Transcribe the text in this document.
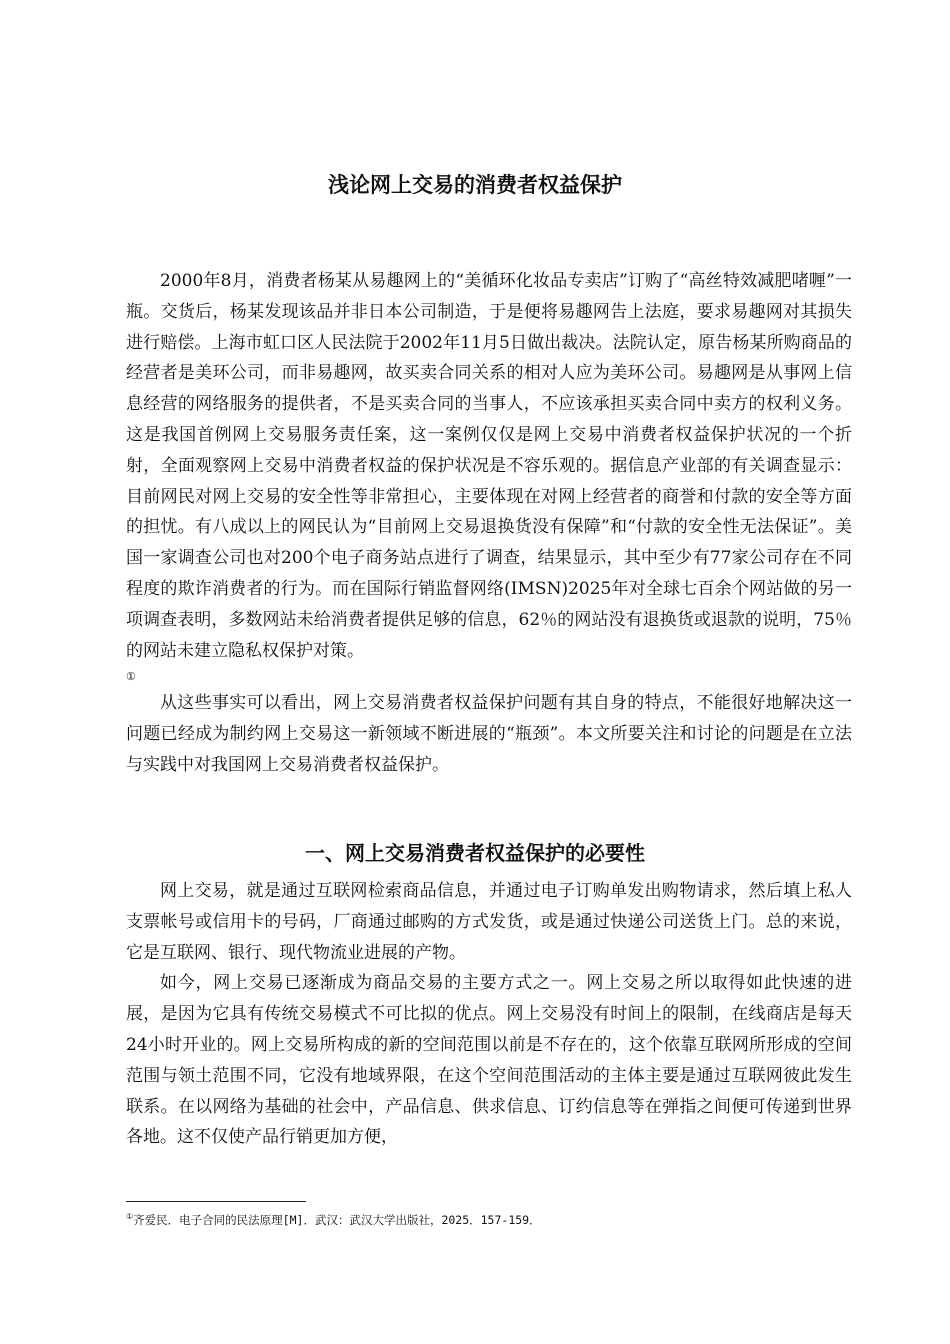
浅论网上交易的消费者权益保护

2000年8月，消费者杨某从易趣网上的“美循环化妆品专卖店”订购了“高丝特效减肥啫喱”一瓶。交货后，杨某发现该品并非日本公司制造，于是便将易趣网告上法庭，要求易趣网对其损失进行赔偿。上海市虹口区人民法院于2002年11月5日做出裁决。法院认定，原告杨某所购商品的经营者是美环公司，而非易趣网，故买卖合同关系的相对人应为美环公司。易趣网是从事网上信息经营的网络服务的提供者，不是买卖合同的当事人，不应该承担买卖合同中卖方的权利义务。这是我国首例网上交易服务责任案，这一案例仅仅是网上交易中消费者权益保护状况的一个折射，全面观察网上交易中消费者权益的保护状况是不容乐观的。据信息产业部的有关调查显示：目前网民对网上交易的安全性等非常担心，主要体现在对网上经营者的商誉和付款的安全等方面的担忧。有八成以上的网民认为“目前网上交易退换货没有保障”和“付款的安全性无法保证”。美国一家调查公司也对200个电子商务站点进行了调查，结果显示，其中至少有77家公司存在不同程度的欺诈消费者的行为。而在国际行销监督网络(IMSN)2025年对全球七百余个网站做的另一项调查表明，多数网站未给消费者提供足够的信息，62％的网站没有退换货或退款的说明，75％的网站未建立隐私权保护对策。
①

从这些事实可以看出，网上交易消费者权益保护问题有其自身的特点，不能很好地解决这一问题已经成为制约网上交易这一新领域不断进展的“瓶颈”。本文所要关注和讨论的问题是在立法与实践中对我国网上交易消费者权益保护。

一、网上交易消费者权益保护的必要性

网上交易，就是通过互联网检索商品信息，并通过电子订购单发出购物请求，然后填上私人支票帐号或信用卡的号码，厂商通过邮购的方式发货，或是通过快递公司送货上门。总的来说，它是互联网、银行、现代物流业进展的产物。

如今，网上交易已逐渐成为商品交易的主要方式之一。网上交易之所以取得如此快速的进展，是因为它具有传统交易模式不可比拟的优点。网上交易没有时间上的限制，在线商店是每天24小时开业的。网上交易所构成的新的空间范围以前是不存在的，这个依靠互联网所形成的空间范围与领土范围不同，它没有地域界限，在这个空间范围活动的主体主要是通过互联网彼此发生联系。在以网络为基础的社会中，产品信息、供求信息、订约信息等在弹指之间便可传递到世界各地。这不仅使产品行销更加方便，

①齐爱民．电子合同的民法原理[M]．武汉：武汉大学出版社，2025．157-159．
